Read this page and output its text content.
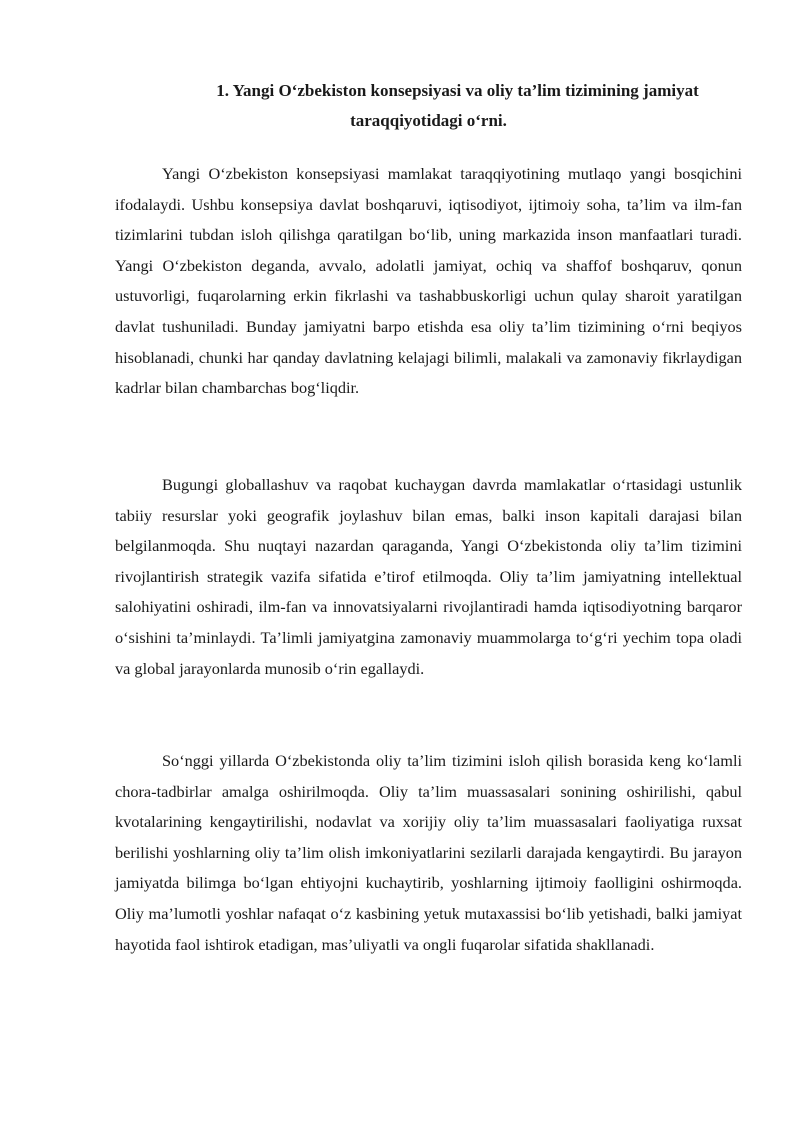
1. Yangi O‘zbekiston konsepsiyasi va oliy ta’lim tizimining jamiyat
taraqqiyotidagi o‘rni.

Yangi O‘zbekiston konsepsiyasi mamlakat taraqqiyotining mutlaqo yangi bosqichini ifodalaydi. Ushbu konsepsiya davlat boshqaruvi, iqtisodiyot, ijtimoiy soha, ta’lim va ilm-fan tizimlarini tubdan isloh qilishga qaratilgan bo‘lib, uning markazida inson manfaatlari turadi. Yangi O‘zbekiston deganda, avvalo, adolatli jamiyat, ochiq va shaffof boshqaruv, qonun ustuvorligi, fuqarolarning erkin fikrlashi va tashabbuskorligi uchun qulay sharoit yaratilgan davlat tushuniladi. Bunday jamiyatni barpo etishda esa oliy ta’lim tizimining o‘rni beqiyos hisoblanadi, chunki har qanday davlatning kelajagi bilimli, malakali va zamonaviy fikrlaydigan kadrlar bilan chambarchas bog‘liqdir.

Bugungi globallashuv va raqobat kuchaygan davrda mamlakatlar o‘rtasidagi ustunlik tabiiy resurslar yoki geografik joylashuv bilan emas, balki inson kapitali darajasi bilan belgilanmoqda. Shu nuqtayi nazardan qaraganda, Yangi O‘zbekistonda oliy ta’lim tizimini rivojlantirish strategik vazifa sifatida e’tirof etilmoqda. Oliy ta’lim jamiyatning intellektual salohiyatini oshiradi, ilm-fan va innovatsiyalarni rivojlantiradi hamda iqtisodiyotning barqaror o‘sishini ta’minlaydi. Ta’limli jamiyatgina zamonaviy muammolarga to‘g‘ri yechim topa oladi va global jarayonlarda munosib o‘rin egallaydi.

So‘nggi yillarda O‘zbekistonda oliy ta’lim tizimini isloh qilish borasida keng ko‘lamli chora-tadbirlar amalga oshirilmoqda. Oliy ta’lim muassasalari sonining oshirilishi, qabul kvotalarining kengaytirilishi, nodavlat va xorijiy oliy ta’lim muassasalari faoliyatiga ruxsat berilishi yoshlarning oliy ta’lim olish imkoniyatlarini sezilarli darajada kengaytirdi. Bu jarayon jamiyatda bilimga bo‘lgan ehtiyojni kuchaytirib, yoshlarning ijtimoiy faolligini oshirmoqda. Oliy ma’lumotli yoshlar nafaqat o‘z kasbining yetuk mutaxassisi bo‘lib yetishadi, balki jamiyat hayotida faol ishtirok etadigan, mas’uliyatli va ongli fuqarolar sifatida shakllanadi.
